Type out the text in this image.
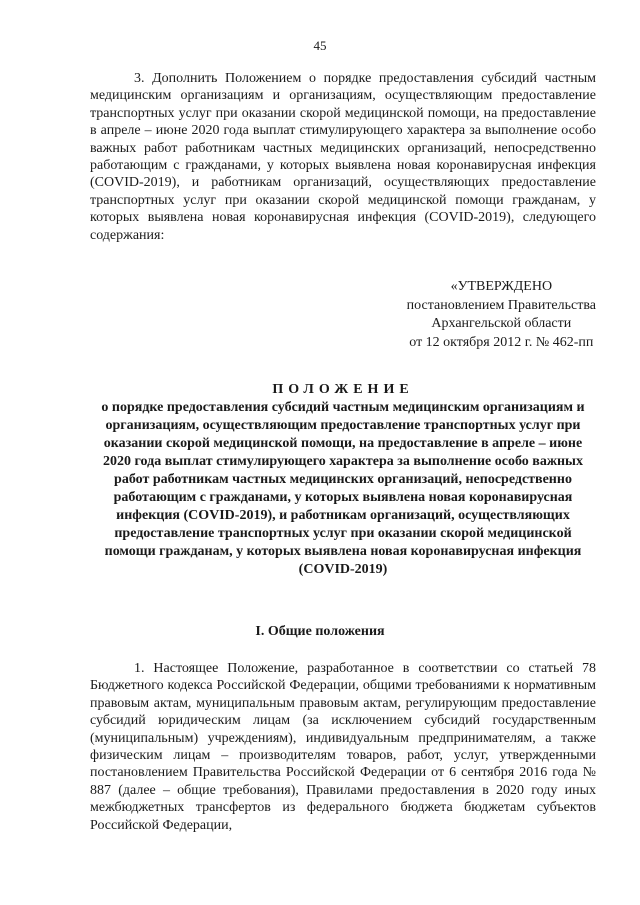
45

3. Дополнить Положением о порядке предоставления субсидий частным медицинским организациям и организациям, осуществляющим предоставление транспортных услуг при оказании скорой медицинской помощи, на предоставление в апреле – июне 2020 года выплат стимулирующего характера за выполнение особо важных работ работникам частных медицинских организаций, непосредственно работающим с гражданами, у которых выявлена новая коронавирусная инфекция (COVID-2019), и работникам организаций, осуществляющих предоставление транспортных услуг при оказании скорой медицинской помощи гражданам, у которых выявлена новая коронавирусная инфекция (COVID-2019), следующего содержания:

«УТВЕРЖДЕНО
постановлением Правительства
Архангельской области
от 12 октября 2012 г. № 462-пп
ПОЛОЖЕНИЕ

о порядке предоставления субсидий частным медицинским организациям и организациям, осуществляющим предоставление транспортных услуг при оказании скорой медицинской помощи, на предоставление в апреле – июне 2020 года выплат стимулирующего характера за выполнение особо важных работ работникам частных медицинских организаций, непосредственно работающим с гражданами, у которых выявлена новая коронавирусная инфекция (COVID-2019), и работникам организаций, осуществляющих предоставление транспортных услуг при оказании скорой медицинской помощи гражданам, у которых выявлена новая коронавирусная инфекция (COVID-2019)

I. Общие положения

1. Настоящее Положение, разработанное в соответствии со статьей 78 Бюджетного кодекса Российской Федерации, общими требованиями к нормативным правовым актам, муниципальным правовым актам, регулирующим предоставление субсидий юридическим лицам (за исключением субсидий государственным (муниципальным) учреждениям), индивидуальным предпринимателям, а также физическим лицам – производителям товаров, работ, услуг, утвержденными постановлением Правительства Российской Федерации от 6 сентября 2016 года № 887 (далее – общие требования), Правилами предоставления в 2020 году иных межбюджетных трансфертов из федерального бюджета бюджетам субъектов Российской Федерации,
